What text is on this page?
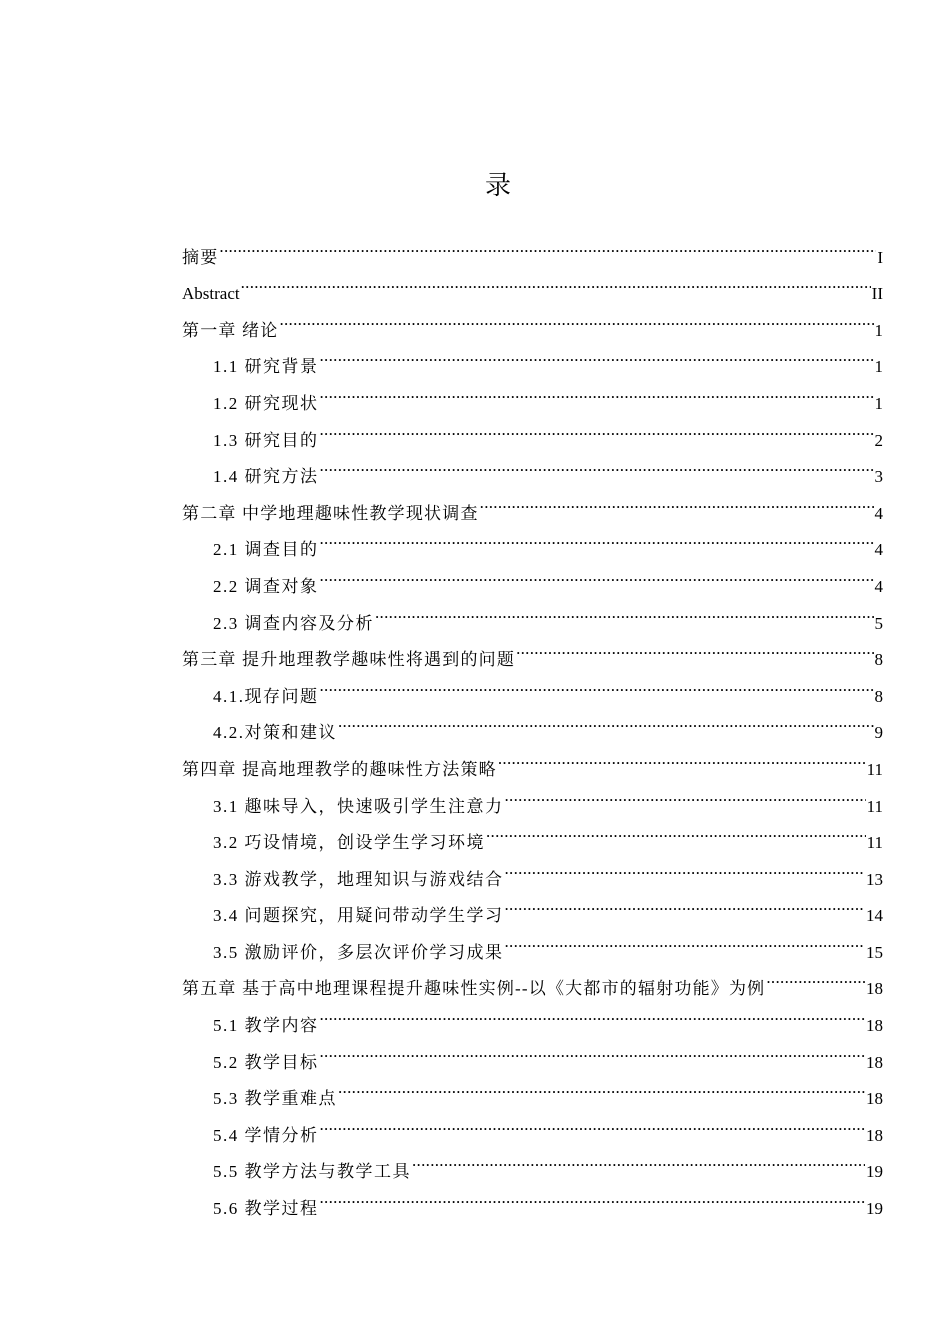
录
摘要 .....	I
Abstract .....	II
第一章 绪论 .....	1
1.1 研究背景 .....	1
1.2 研究现状 .....	1
1.3 研究目的 .....	2
1.4 研究方法 .....	3
第二章 中学地理趣味性教学现状调查 .....	4
2.1 调查目的 .....	4
2.2 调查对象 .....	4
2.3 调查内容及分析 .....	5
第三章 提升地理教学趣味性将遇到的问题 .....	8
4.1.现存问题 .....	8
4.2.对策和建议 .....	9
第四章 提高地理教学的趣味性方法策略 .....	11
3.1 趣味导入，快速吸引学生注意力 .....	11
3.2 巧设情境，创设学生学习环境 .....	11
3.3 游戏教学，地理知识与游戏结合 .....	13
3.4 问题探究，用疑问带动学生学习 .....	14
3.5 激励评价，多层次评价学习成果 .....	15
第五章 基于高中地理课程提升趣味性实例--以《大都市的辐射功能》为例 .....	18
5.1 教学内容 .....	18
5.2 教学目标 .....	18
5.3 教学重难点 .....	18
5.4 学情分析 .....	18
5.5 教学方法与教学工具 .....	19
5.6 教学过程 .....	19
